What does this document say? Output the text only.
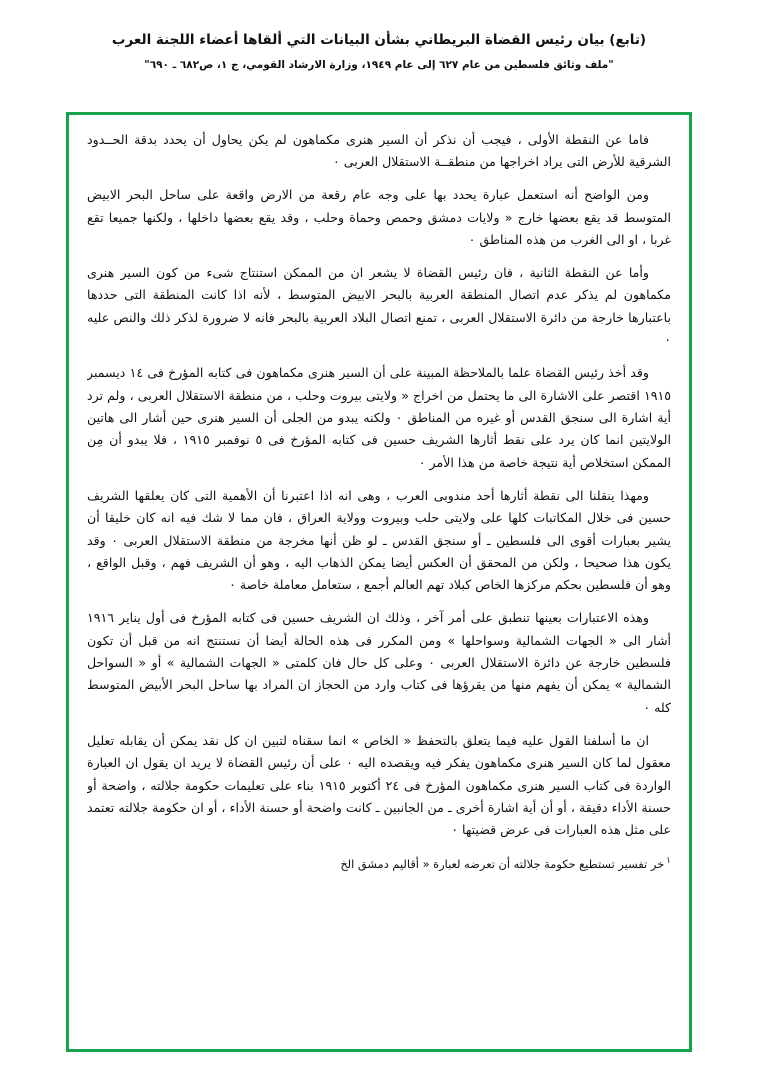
(تابع) بيان رئيس القضاة البريطاني بشأن البيانات التي ألقاها أعضاء اللجنة العرب
"ملف وثائق فلسطين من عام ٦٢٧ إلى عام ١٩٤٩، وزارة الارشاد القومي، ج ١، ص٦٨٢ ـ ٦٩٠"

فاما عن النقطة الأولى ، فيجب أن نذكر أن السير هنرى مكماهون لم يكن يحاول أن يحدد بدقة الحــدود الشرقية للأرض التى يراد اخراجها من منطقــة الاستقلال العربى ٠

ومن الواضح أنه استعمل عبارة يحدد بها على وجه عام رقعة من الارض واقعة على ساحل البحر الابيض المتوسط قد يقع بعضها خارج « ولايات دمشق وحمص وحماة وحلب ، وقد يقع بعضها داخلها ، ولكنها جميعا تقع غربا ، او الى الغرب من هذه المناطق ٠

وأما عن النقطة الثانية ، فان رئيس القضاة لا يشعر ان من الممكن استنتاج شىء من كون السير هنرى مكماهون لم يذكر عدم اتصال المنطقة العربية بالبحر الابيض المتوسط ، لأنه اذا كانت المنطقة التى حددها باعتبارها خارجة من دائرة الاستقلال العربى ، تمنع اتصال البلاد العربية بالبحر فانه لا ضرورة لذكر ذلك والنص عليه ٠

وقد أخذ رئيس القضاة علما بالملاحظة المبينة على أن السير هنرى مكماهون فى كتابه المؤرخ فى ١٤ ديسمبر ١٩١٥ اقتصر على الاشارة الى ما يحتمل من اخراج « ولايتى بيروت وحلب ، من منطقة الاستقلال العربى ، ولم ترد أية اشارة الى سنجق القدس أو غيره من المناطق ٠ ولكنه يبدو من الجلى أن السير هنرى حين أشار الى هاتين الولايتين انما كان يرد على نقط أثارها الشريف حسين فى كتابه المؤرخ فى ٥ نوفمبر ١٩١٥ ، فلا يبدو أن مِن الممكن استخلاص أية نتيجة خاصة من هذا الأمر ٠

ومهذا ينقلنا الى نقطة أثارها أحد مندوبى العرب ، وهى انه اذا اعتبرنا أن الأهمية التى كان يعلقها الشريف حسين فى خلال المكاتبات كلها على ولايتى حلب وبيروت وولاية العراق ، فان مما لا شك فيه انه كان خليقا أن يشير بعبارات أقوى الى فلسطين ـ أو سنجق القدس ـ لو ظن أنها مخرجة من منطقة الاستقلال العربى ٠ وقد يكون هذا صحيحا ، ولكن من المحقق أن العكس أيضا يمكن الذهاب اليه ، وهو أن الشريف فهم ، وقبل الواقع ، وهو أن فلسطين بحكم مركزها الخاص كبلاد تهم العالم أجمع ، ستعامل معاملة خاصة ٠

وهذه الاعتبارات بعينها تنطبق على أمر آخر ، وذلك ان الشريف حسين فى كتابه المؤرخ فى أول يناير ١٩١٦ أشار الى « الجهات الشمالية وسواحلها » ومن المكرر فى هذه الحالة أيضا أن نستنتج انه من قبل أن تكون فلسطين خارجة عن دائرة الاستقلال العربى ٠ وعلى كل حال فان كلمتى « الجهات الشمالية » أو « السواحل الشمالية » يمكن أن يفهم منها من يقرؤها فى كتاب وارد من الحجاز ان المراد بها ساحل البحر الأبيض المتوسط كله ٠

ان ما أسلفنا القول عليه فيما يتعلق بالتحفظ « الخاص » انما سقناه لتبين ان كل نقد يمكن أن يقابله تعليل معقول لما كان السير هنرى مكماهون يفكر فيه ويقصده اليه ٠ على أن رئيس القضاة لا يريد ان يقول ان العبارة الواردة فى كتاب السير هنرى مكماهون المؤرخ فى ٢٤ أكتوبر ١٩١٥ بناء على تعليمات حكومة جلالته ، واضحة أو حسنة الأداء دقيقة ، أو أن أية اشارة أخرى ـ من الجانبين ـ كانت واضحة أو حسنة الأداء ، أو ان حكومة جلالته تعتمد على مثل هذه العبارات فى عرض قضيتها ٠

$^١$خر تفسير تستطيع حكومة جلالته أن تعرضه لعبارة « أقاليم دمشق الخ
